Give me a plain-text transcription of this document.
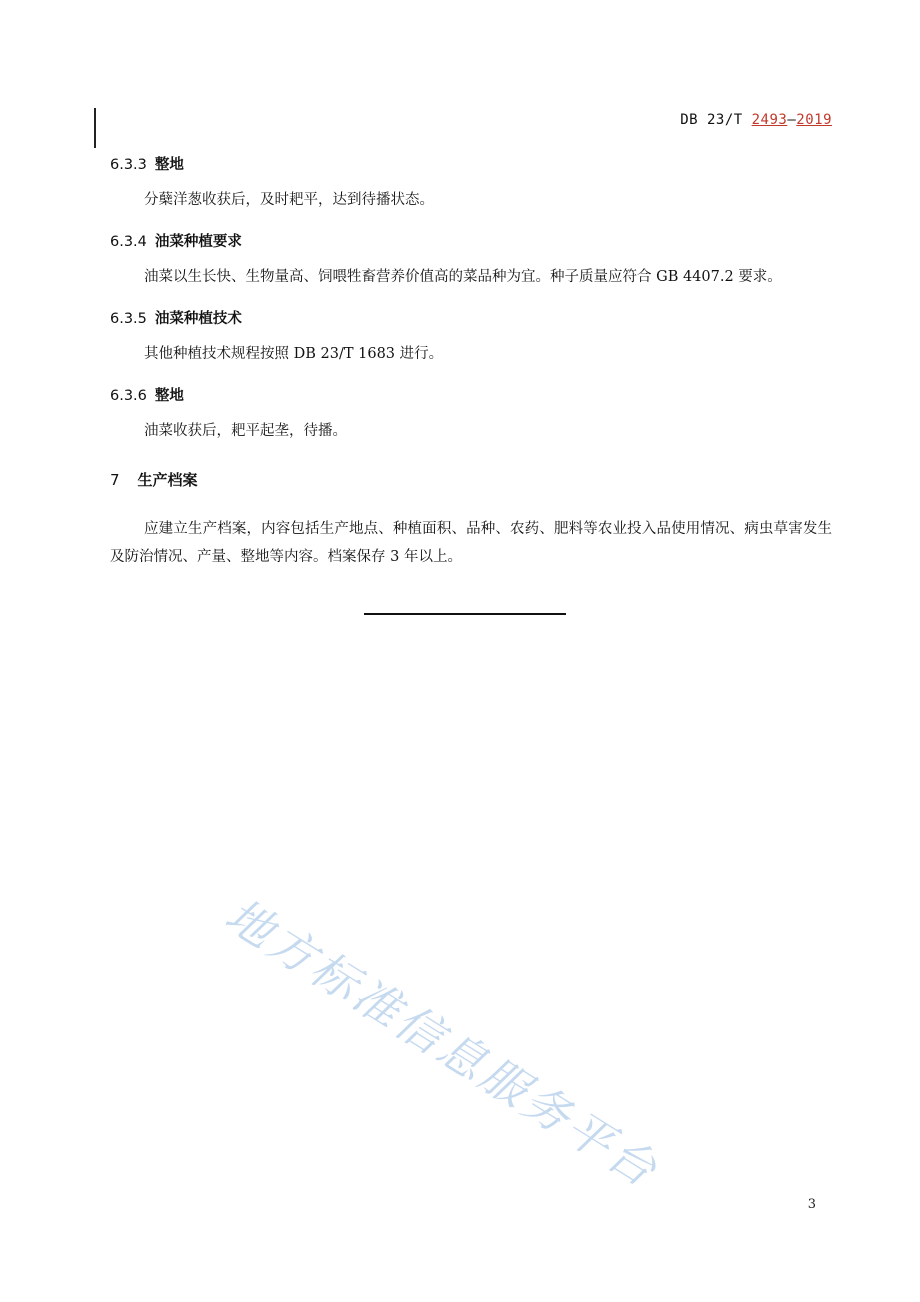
DB 23/T 2493—2019
6.3.3 整地
分蘖洋葱收获后，及时耙平，达到待播状态。
6.3.4 油菜种植要求
油菜以生长快、生物量高、饲喂牲畜营养价值高的菜品种为宜。种子质量应符合 GB 4407.2 要求。
6.3.5 油菜种植技术
其他种植技术规程按照 DB 23/T 1683 进行。
6.3.6 整地
油菜收获后，耙平起垄，待播。
7 生产档案
应建立生产档案，内容包括生产地点、种植面积、品种、农药、肥料等农业投入品使用情况、病虫草害发生及防治情况、产量、整地等内容。档案保存 3 年以上。
地方标准信息服务平台
3
